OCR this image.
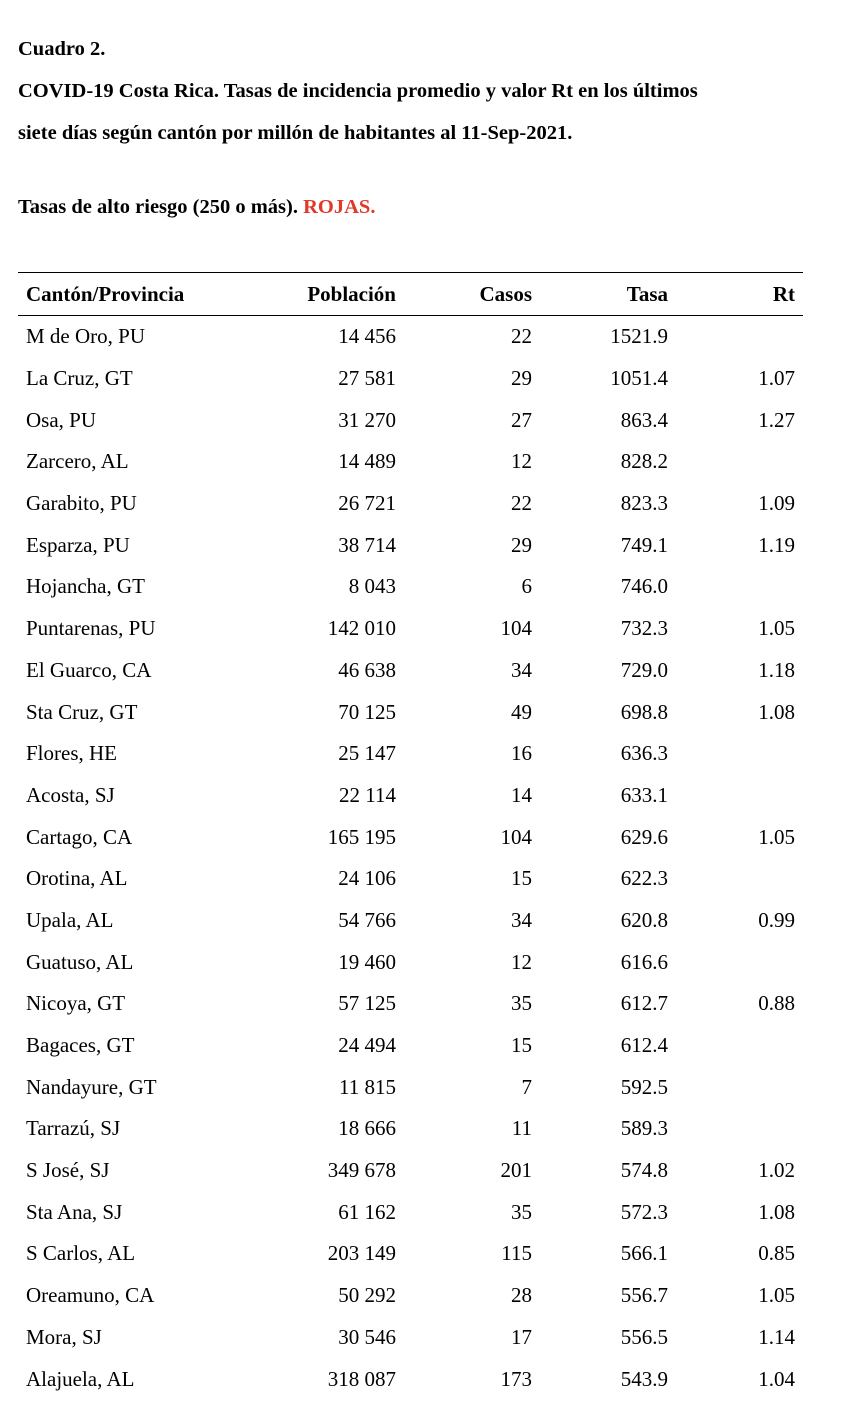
Cuadro 2.
COVID-19 Costa Rica. Tasas de incidencia promedio y valor Rt en los últimos
siete días según cantón por millón de habitantes al 11-Sep-2021.
Tasas de alto riesgo (250 o más). ROJAS.
Cantón/Provincia	Población	Casos	Tasa	Rt
M de Oro, PU	14 456	22	1521.9	
La Cruz, GT	27 581	29	1051.4	1.07
Osa, PU	31 270	27	863.4	1.27
Zarcero, AL	14 489	12	828.2	
Garabito, PU	26 721	22	823.3	1.09
Esparza, PU	38 714	29	749.1	1.19
Hojancha, GT	8 043	6	746.0	
Puntarenas, PU	142 010	104	732.3	1.05
El Guarco, CA	46 638	34	729.0	1.18
Sta Cruz, GT	70 125	49	698.8	1.08
Flores, HE	25 147	16	636.3	
Acosta, SJ	22 114	14	633.1	
Cartago, CA	165 195	104	629.6	1.05
Orotina, AL	24 106	15	622.3	
Upala, AL	54 766	34	620.8	0.99
Guatuso, AL	19 460	12	616.6	
Nicoya, GT	57 125	35	612.7	0.88
Bagaces, GT	24 494	15	612.4	
Nandayure, GT	11 815	7	592.5	
Tarrazú, SJ	18 666	11	589.3	
S José, SJ	349 678	201	574.8	1.02
Sta Ana, SJ	61 162	35	572.3	1.08
S Carlos, AL	203 149	115	566.1	0.85
Oreamuno, CA	50 292	28	556.7	1.05
Mora, SJ	30 546	17	556.5	1.14
Alajuela, AL	318 087	173	543.9	1.04
